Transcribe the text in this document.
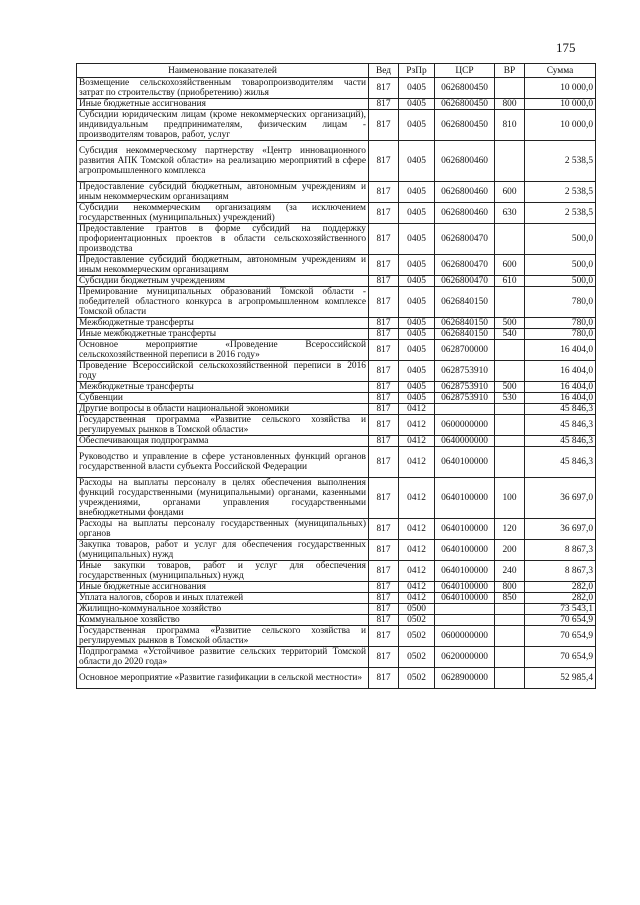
175
Наименование показателей	Вед	РзПр	ЦСР	ВР	Сумма
Возмещение сельскохозяйственным товаропроизводителям части затрат по строительству (приобретению) жилья	817	0405	0626800450		10 000,0
Иные бюджетные ассигнования	817	0405	0626800450	800	10 000,0
Субсидии юридическим лицам (кроме некоммерческих организаций), индивидуальным предпринимателям, физическим лицам - производителям товаров, работ, услуг	817	0405	0626800450	810	10 000,0
Субсидия некоммерческому партнерству «Центр инновационного развития АПК Томской области» на реализацию мероприятий в сфере агропромышленного комплекса	817	0405	0626800460		2 538,5
Предоставление субсидий бюджетным, автономным учреждениям и иным некоммерческим организациям	817	0405	0626800460	600	2 538,5
Субсидии некоммерческим организациям (за исключением государственных (муниципальных) учреждений)	817	0405	0626800460	630	2 538,5
Предоставление грантов в форме субсидий на поддержку профориентационных проектов в области сельскохозяйственного производства	817	0405	0626800470		500,0
Предоставление субсидий бюджетным, автономным учреждениям и иным некоммерческим организациям	817	0405	0626800470	600	500,0
Субсидии бюджетным учреждениям	817	0405	0626800470	610	500,0
Премирование муниципальных образований Томской области - победителей областного конкурса в агропромышленном комплексе Томской области	817	0405	0626840150		780,0
Межбюджетные трансферты	817	0405	0626840150	500	780,0
Иные межбюджетные трансферты	817	0405	0626840150	540	780,0
Основное мероприятие «Проведение Всероссийской сельскохозяйственной переписи в 2016 году»	817	0405	0628700000		16 404,0
Проведение Всероссийской сельскохозяйственной переписи в 2016 году	817	0405	0628753910		16 404,0
Межбюджетные трансферты	817	0405	0628753910	500	16 404,0
Субвенции	817	0405	0628753910	530	16 404,0
Другие вопросы в области национальной экономики	817	0412			45 846,3
Государственная программа «Развитие сельского хозяйства и регулируемых рынков в Томской области»	817	0412	0600000000		45 846,3
Обеспечивающая подпрограмма	817	0412	0640000000		45 846,3
Руководство и управление в сфере установленных функций органов государственной власти субъекта Российской Федерации	817	0412	0640100000		45 846,3
Расходы на выплаты персоналу в целях обеспечения выполнения функций государственными (муниципальными) органами, казенными учреждениями, органами управления государственными внебюджетными фондами	817	0412	0640100000	100	36 697,0
Расходы на выплаты персоналу государственных (муниципальных) органов	817	0412	0640100000	120	36 697,0
Закупка товаров, работ и услуг для обеспечения государственных (муниципальных) нужд	817	0412	0640100000	200	8 867,3
Иные закупки товаров, работ и услуг для обеспечения государственных (муниципальных) нужд	817	0412	0640100000	240	8 867,3
Иные бюджетные ассигнования	817	0412	0640100000	800	282,0
Уплата налогов, сборов и иных платежей	817	0412	0640100000	850	282,0
Жилищно-коммунальное хозяйство	817	0500			73 543,1
Коммунальное хозяйство	817	0502			70 654,9
Государственная программа «Развитие сельского хозяйства и регулируемых рынков в Томской области»	817	0502	0600000000		70 654,9
Подпрограмма «Устойчивое развитие сельских территорий Томской области до 2020 года»	817	0502	0620000000		70 654,9
Основное мероприятие «Развитие газификации в сельской местности»	817	0502	0628900000		52 985,4
